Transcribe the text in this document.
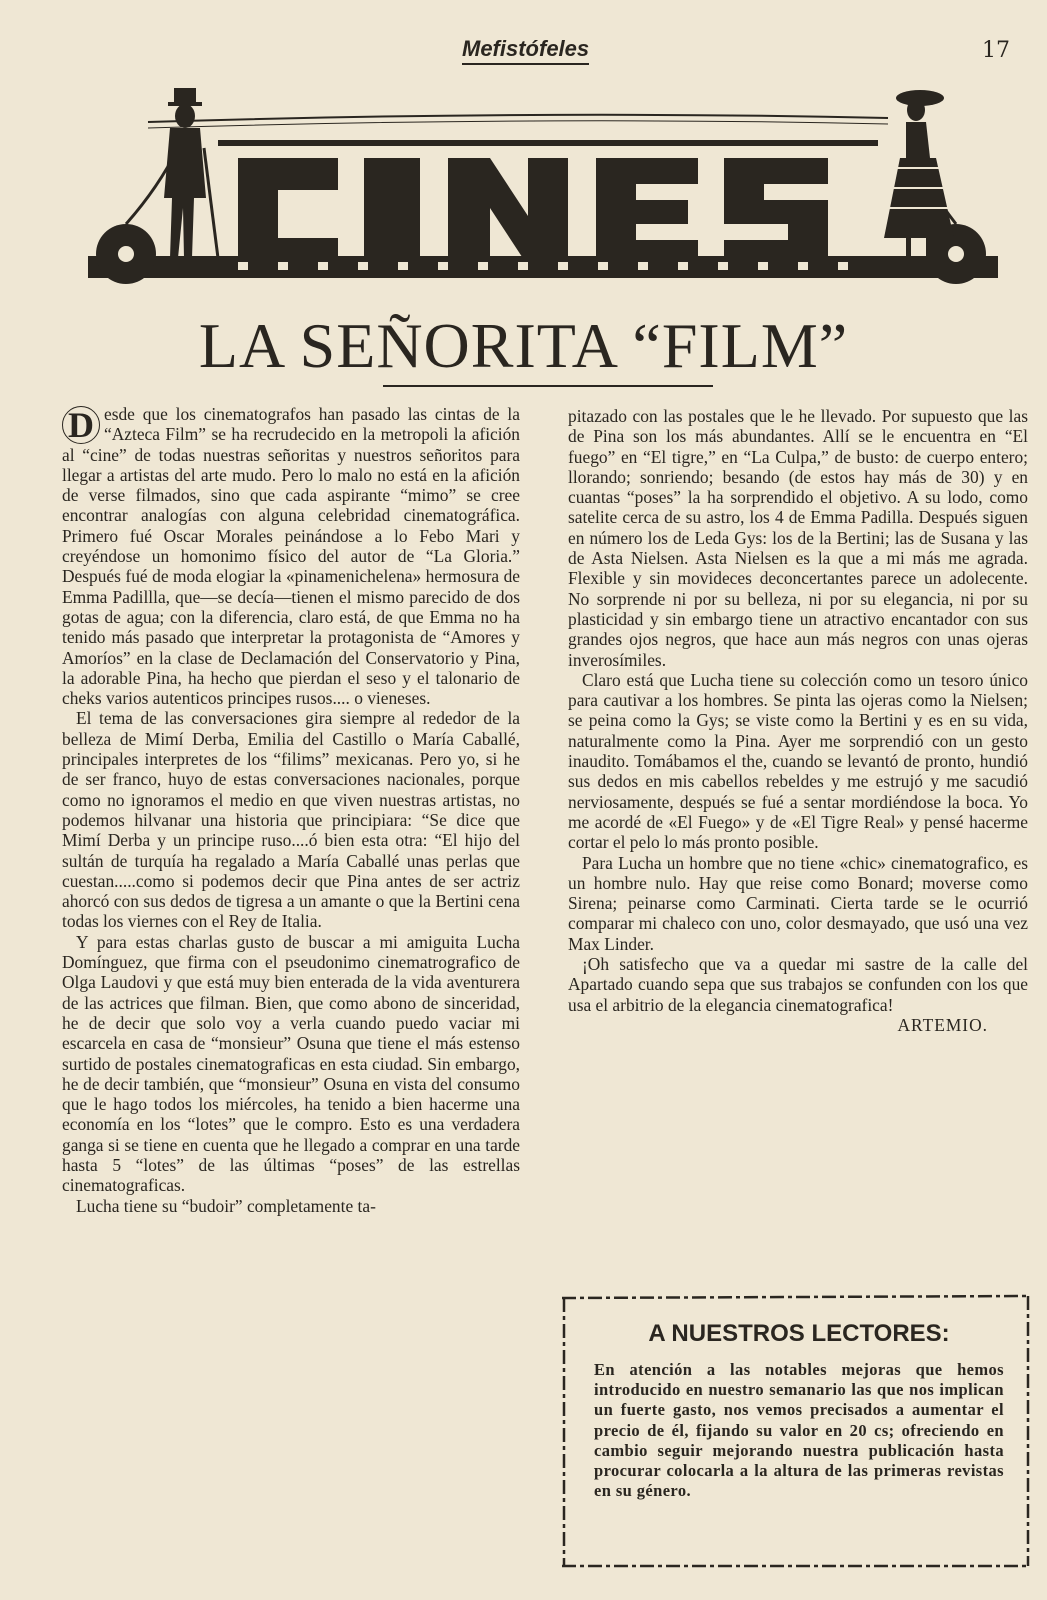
Mefistófeles	17
LA SEÑORITA “FILM”

D esde que los cinematografos han pasado las cintas de la “Azteca Film” se ha recrudecido en la metropoli la afición al “cine” de todas nuestras señoritas y nuestros señoritos para llegar a artistas del arte mudo. Pero lo malo no está en la afición de verse filmados, sino que cada aspirante “mimo” se cree encontrar analogías con alguna celebridad cinematográfica. Primero fué Oscar Morales peinándose a lo Febo Mari y creyéndose un homonimo físico del autor de “La Gloria.” Después fué de moda elogiar la «pinamenichelena» hermosura de Emma Padillla, que—se decía—tienen el mismo parecido de dos gotas de agua; con la diferencia, claro está, de que Emma no ha tenido más pasado que interpretar la protagonista de “Amores y Amoríos” en la clase de Declamación del Conservatorio y Pina, la adorable Pina, ha hecho que pierdan el seso y el talonario de cheks varios autenticos principes rusos.... o vieneses.

El tema de las conversaciones gira siempre al rededor de la belleza de Mimí Derba, Emilia del Castillo o María Caballé, principales interpretes de los “filims” mexicanas. Pero yo, si he de ser franco, huyo de estas conversaciones nacionales, porque como no ignoramos el medio en que viven nuestras artistas, no podemos hilvanar una historia que principiara: “Se dice que Mimí Derba y un principe ruso....ó bien esta otra: “El hijo del sultán de turquía ha regalado a María Caballé unas perlas que cuestan.....como si podemos decir que Pina antes de ser actriz ahorcó con sus dedos de tigresa a un amante o que la Bertini cena todas los viernes con el Rey de Italia.

Y para estas charlas gusto de buscar a mi amiguita Lucha Domínguez, que firma con el pseudonimo cinematrografico de Olga Laudovi y que está muy bien enterada de la vida aventurera de las actrices que filman. Bien, que como abono de sinceridad, he de decir que solo voy a verla cuando puedo vaciar mi escarcela en casa de “monsieur” Osuna que tiene el más estenso surtido de postales cinematograficas en esta ciudad. Sin embargo, he de decir también, que “monsieur” Osuna en vista del consumo que le hago todos los miércoles, ha tenido a bien hacerme una economía en los “lotes” que le compro. Esto es una verdadera ganga si se tiene en cuenta que he llegado a comprar en una tarde hasta 5 “lotes” de las últimas “poses” de las estrellas cinematograficas.

Lucha tiene su “budoir” completamente ta-

pitazado con las postales que le he llevado. Por supuesto que las de Pina son los más abundantes. Allí se le encuentra en “El fuego” en “El tigre,” en “La Culpa,” de busto: de cuerpo entero; llorando; sonriendo; besando (de estos hay más de 30) y en cuantas “poses” la ha sorprendido el objetivo. A su lodo, como satelite cerca de su astro, los 4 de Emma Padilla. Después siguen en número los de Leda Gys: los de la Bertini; las de Susana y las de Asta Nielsen. Asta Nielsen es la que a mi más me agrada. Flexible y sin movideces deconcertantes parece un adolecente. No sorprende ni por su belleza, ni por su elegancia, ni por su plasticidad y sin embargo tiene un atractivo encantador con sus grandes ojos negros, que hace aun más negros con unas ojeras inverosímiles.

Claro está que Lucha tiene su colección como un tesoro único para cautivar a los hombres. Se pinta las ojeras como la Nielsen; se peina como la Gys; se viste como la Bertini y es en su vida, naturalmente como la Pina. Ayer me sorprendió con un gesto inaudito. Tomábamos el the, cuando se levantó de pronto, hundió sus dedos en mis cabellos rebeldes y me estrujó y me sacudió nerviosamente, después se fué a sentar mordiéndose la boca. Yo me acordé de «El Fuego» y de «El Tigre Real» y pensé hacerme cortar el pelo lo más pronto posible.

Para Lucha un hombre que no tiene «chic» cinematografico, es un hombre nulo. Hay que reise como Bonard; moverse como Sirena; peinarse como Carminati. Cierta tarde se le ocurrió comparar mi chaleco con uno, color desmayado, que usó una vez Max Linder.

¡Oh satisfecho que va a quedar mi sastre de la calle del Apartado cuando sepa que sus trabajos se confunden con los que usa el arbitrio de la elegancia cinematografica!

ARTEMIO.

A NUESTROS LECTORES:
En atención a las notables mejoras que hemos introducido en nuestro semanario las que nos implican un fuerte gasto, nos vemos precisados a aumentar el precio de él, fijando su valor en 20 cs; ofreciendo en cambio seguir mejorando nuestra publicación hasta procurar colocarla a la altura de las primeras revistas en su género.
